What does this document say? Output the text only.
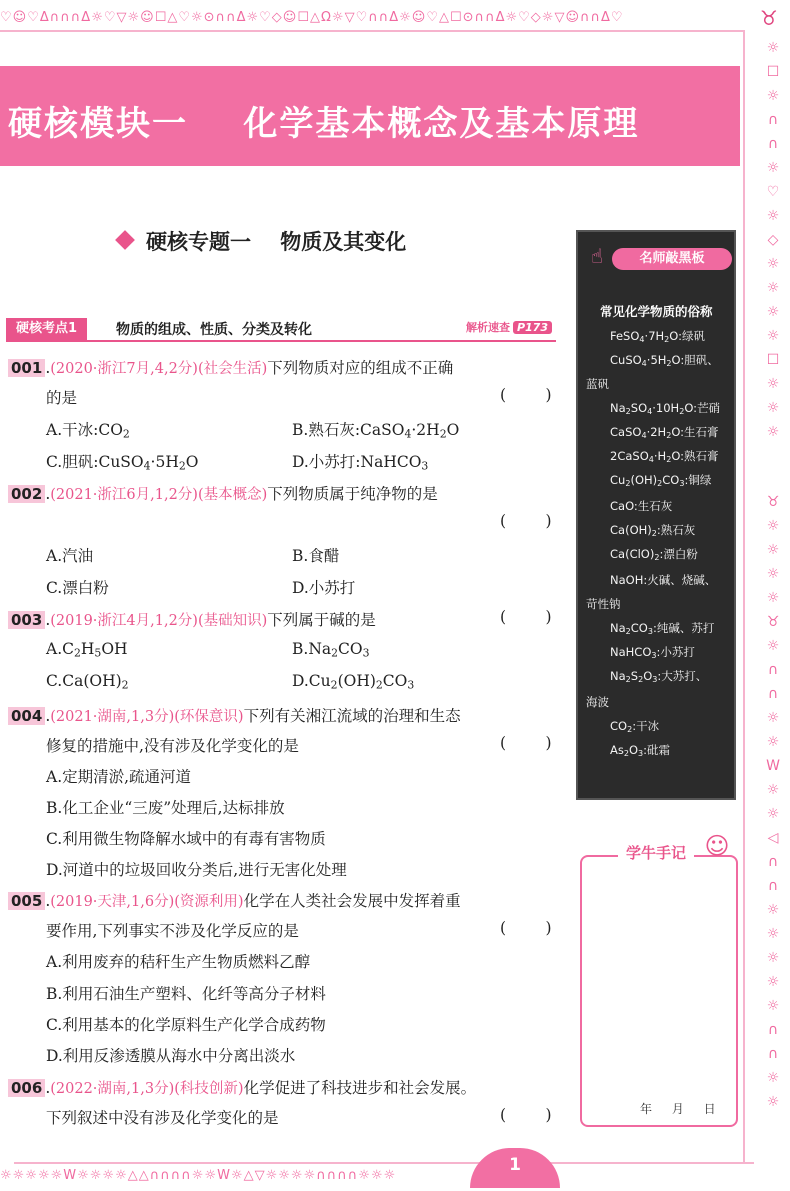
♡☺♡Δ∩∩∩Δ☼♡▽☼☺☐△♡☼⊙∩∩Δ☼♡◇☺☐△Ω☼▽♡∩∩Δ☼☺♡△☐⊙∩∩Δ☼♡◇☼▽☺∩∩Δ♡
☼☼☼☼☼W☼☼☼☼△△∩∩∩∩☼☼W☼△▽☼☼☼☼∩∩∩∩☼☼☼
♉
☼
☐
☼
∩
∩
☼
♡
☼
◇
☼
☼
☼
☼
☐
☼
☼
☼
♉
☼
☼
☼
☼
♉
☼
∩
∩
☼
☼
W
☼
☼
◁
∩
∩
☼
☼
☼
☼
☼
∩
∩
☼
☼
硬核模块一    化学基本概念及基本原理
硬核专题一    物质及其变化
硬核考点1	物质的组成、性质、分类及转化	解析速查 P173
001 .(2020·浙江7月,4,2分)(社会生活)下列物质对应的组成不正确
的是	(        )
A.干冰$:CO_2$	B.熟石灰$:CaSO_4\cdot 2H_2O$
C.胆矾$:CuSO_4\cdot 5H_2O$	D.小苏打:NaHCO$_3$
002 .(2021·浙江6月,1,2分)(基本概念)下列物质属于纯净物的是
(        )
A.汽油	B.食醋
C.漂白粉	D.小苏打
003 .(2019·浙江4月,1,2分)(基础知识)下列属于碱的是	(        )
$A.C_2H_5OH$	$B.Na_2CO_3$
$C.Ca(OH)_2$	$D.Cu_2(OH)_2CO_3$
004 .(2021·湖南,1,3分)(环保意识)下列有关湘江流域的治理和生态
修复的措施中,没有涉及化学变化的是	(        )
A.定期清淤,疏通河道
B.化工企业“三废”处理后,达标排放
C.利用微生物降解水域中的有毒有害物质
D.河道中的垃圾回收分类后,进行无害化处理
005 .(2019·天津,1,6分)(资源利用)化学在人类社会发展中发挥着重
要作用,下列事实不涉及化学反应的是	(        )
A.利用废弃的秸秆生产生物质燃料乙醇
B.利用石油生产塑料、化纤等高分子材料
C.利用基本的化学原料生产化学合成药物
D.利用反渗透膜从海水中分离出淡水
006 .(2022·湖南,1,3分)(科技创新)化学促进了科技进步和社会发展。
下列叙述中没有涉及化学变化的是	(        )
☝	名师敲黑板
常见化学物质的俗称
$FeSO_4\cdot 7H_2O$:绿矾
$CuSO_4\cdot 5H_2O$:胆矾、
蓝矾
$Na_2SO_4\cdot 10H_2O$:芒硝
$CaSO_4\cdot 2H_2O$:生石膏
$2CaSO_4\cdot H_2O$:熟石膏
$Cu_2(OH)_2CO_3$:铜绿
CaO:生石灰
$Ca(OH)_2$:熟石灰
$Ca(ClO)_2$:漂白粉
NaOH:火碱、烧碱、
苛性钠
$Na_2CO_3$:纯碱、苏打
NaHCO$_3$:小苏打
$Na_2S_2O_3$:大苏打、
海波
$CO_2$:干冰
$As_2O_3$:砒霜
学牛手记 ☺
年 月 日
1
